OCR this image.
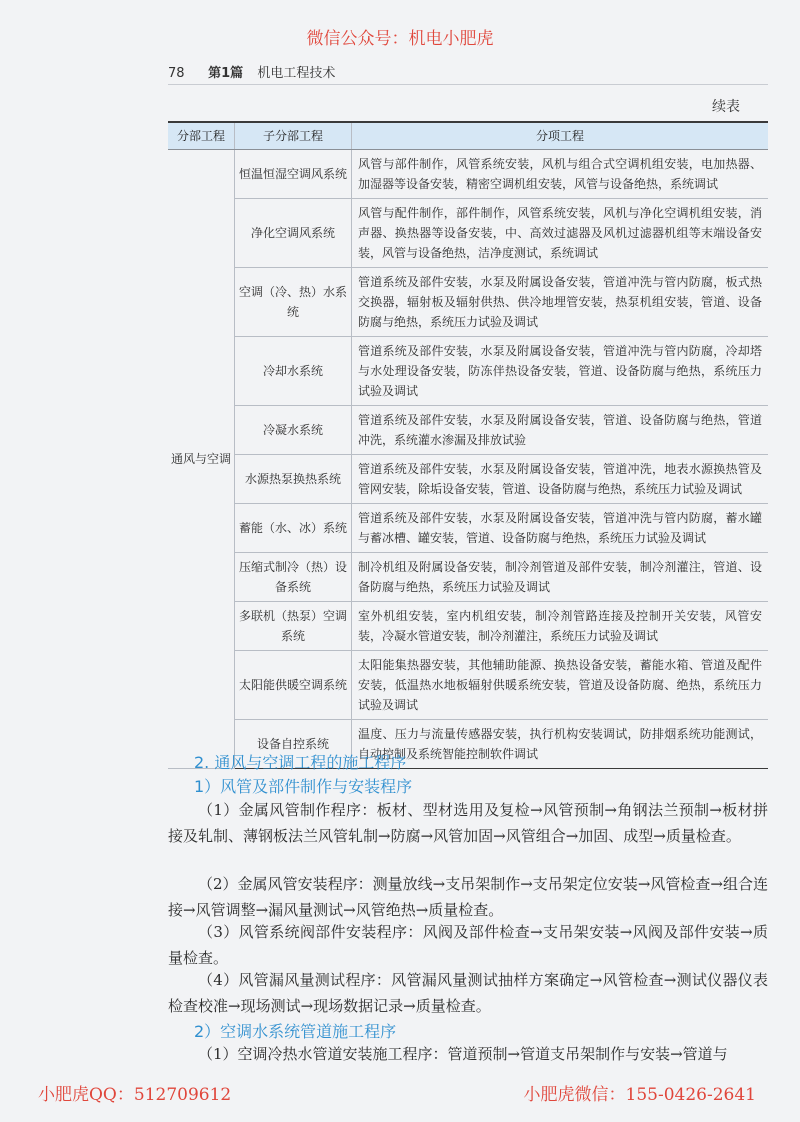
微信公众号：机电小肥虎
78 第1篇 机电工程技术
续表
分部工程	子分部工程	分项工程
通风与空调	恒温恒湿空调风系统	风管与部件制作，风管系统安装，风机与组合式空调机组安装，电加热器、加湿器等设备安装，精密空调机组安装，风管与设备绝热，系统调试
	净化空调风系统	风管与配件制作，部件制作，风管系统安装，风机与净化空调机组安装，消声器、换热器等设备安装，中、高效过滤器及风机过滤器机组等末端设备安装，风管与设备绝热，洁净度测试，系统调试
	空调（冷、热）水系统	管道系统及部件安装，水泵及附属设备安装，管道冲洗与管内防腐，板式热交换器，辐射板及辐射供热、供冷地埋管安装，热泵机组安装，管道、设备防腐与绝热，系统压力试验及调试
	冷却水系统	管道系统及部件安装，水泵及附属设备安装，管道冲洗与管内防腐，冷却塔与水处理设备安装，防冻伴热设备安装，管道、设备防腐与绝热，系统压力试验及调试
	冷凝水系统	管道系统及部件安装，水泵及附属设备安装，管道、设备防腐与绝热，管道冲洗，系统灌水渗漏及排放试验
	水源热泵换热系统	管道系统及部件安装，水泵及附属设备安装，管道冲洗，地表水源换热管及管网安装，除垢设备安装，管道、设备防腐与绝热，系统压力试验及调试
	蓄能（水、冰）系统	管道系统及部件安装，水泵及附属设备安装，管道冲洗与管内防腐，蓄水罐与蓄冰槽、罐安装，管道、设备防腐与绝热，系统压力试验及调试
	压缩式制冷（热）设备系统	制冷机组及附属设备安装，制冷剂管道及部件安装，制冷剂灌注，管道、设备防腐与绝热，系统压力试验及调试
	多联机（热泵）空调系统	室外机组安装，室内机组安装，制冷剂管路连接及控制开关安装，风管安装，冷凝水管道安装，制冷剂灌注，系统压力试验及调试
	太阳能供暖空调系统	太阳能集热器安装，其他辅助能源、换热设备安装，蓄能水箱、管道及配件安装，低温热水地板辐射供暖系统安装，管道及设备防腐、绝热，系统压力试验及调试
	设备自控系统	温度、压力与流量传感器安装，执行机构安装调试，防排烟系统功能测试，自动控制及系统智能控制软件调试
2. 通风与空调工程的施工程序
1）风管及部件制作与安装程序
（1）金属风管制作程序：板材、型材选用及复检→风管预制→角钢法兰预制→板材拼接及轧制、薄钢板法兰风管轧制→防腐→风管加固→风管组合→加固、成型→质量检查。
（2）金属风管安装程序：测量放线→支吊架制作→支吊架定位安装→风管检查→组合连接→风管调整→漏风量测试→风管绝热→质量检查。
（3）风管系统阀部件安装程序：风阀及部件检查→支吊架安装→风阀及部件安装→质量检查。
（4）风管漏风量测试程序：风管漏风量测试抽样方案确定→风管检查→测试仪器仪表检查校准→现场测试→现场数据记录→质量检查。
2）空调水系统管道施工程序
（1）空调冷热水管道安装施工程序：管道预制→管道支吊架制作与安装→管道与
小肥虎QQ：512709612	小肥虎微信：155-0426-2641
